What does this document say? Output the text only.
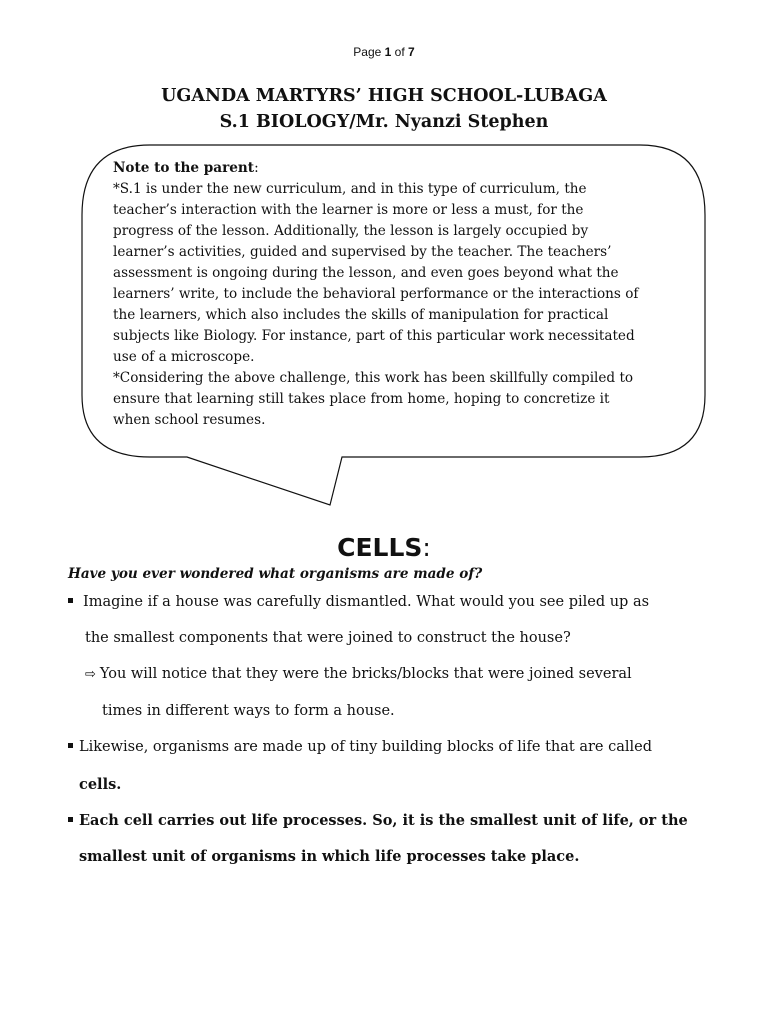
Page 1 of 7
UGANDA MARTYRS’ HIGH SCHOOL-LUBAGA
S.1 BIOLOGY/Mr. Nyanzi Stephen
Note to the parent:
*S.1 is under the new curriculum, and in this type of curriculum, the
teacher’s interaction with the learner is more or less a must, for the
progress of the lesson. Additionally, the lesson is largely occupied by
learner’s activities, guided and supervised by the teacher. The teachers’
assessment is ongoing during the lesson, and even goes beyond what the
learners’ write, to include the behavioral performance or the interactions of
the learners, which also includes the skills of manipulation for practical
subjects like Biology. For instance, part of this particular work necessitated
use of a microscope.
*Considering the above challenge, this work has been skillfully compiled to
ensure that learning still takes place from home, hoping to concretize it
when school resumes.
CELLS:
Have you ever wondered what organisms are made of?
Imagine if a house was carefully dismantled. What would you see piled up as
the smallest components that were joined to construct the house?
⇨ You will notice that they were the bricks/blocks that were joined several
times in different ways to form a house.
Likewise, organisms are made up of tiny building blocks of life that are called
cells.
Each cell carries out life processes. So, it is the smallest unit of life, or the
smallest unit of organisms in which life processes take place.
